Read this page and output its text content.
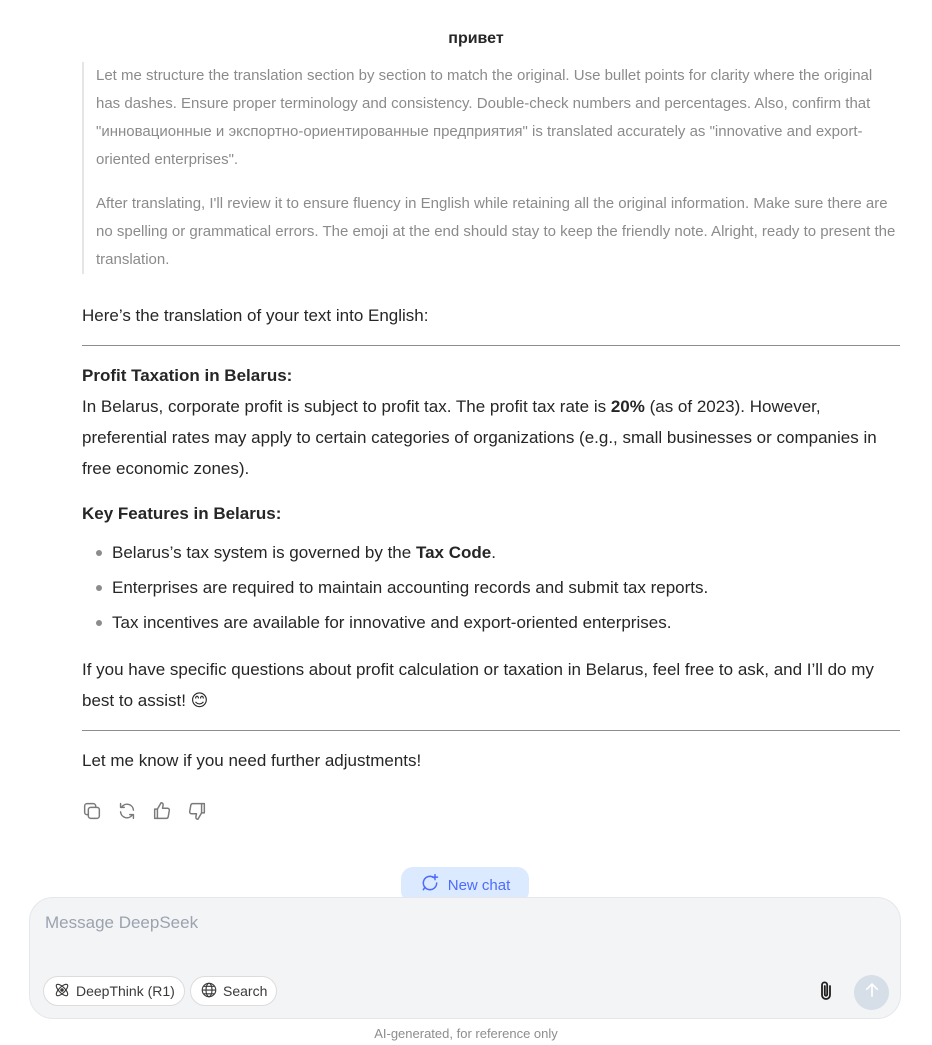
привет

Let me structure the translation section by section to match the original. Use bullet points for clarity where the original has dashes. Ensure proper terminology and consistency. Double-check numbers and percentages. Also, confirm that "инновационные и экспортно-ориентированные предприятия" is translated accurately as "innovative and export-oriented enterprises".

After translating, I'll review it to ensure fluency in English while retaining all the original information. Make sure there are no spelling or grammatical errors. The emoji at the end should stay to keep the friendly note. Alright, ready to present the translation.

Here’s the translation of your text into English:
Profit Taxation in Belarus:
In Belarus, corporate profit is subject to profit tax. The profit tax rate is 20% (as of 2023). However, preferential rates may apply to certain categories of organizations (e.g., small businesses or companies in free economic zones).
Key Features in Belarus:
Belarus’s tax system is governed by the Tax Code.
Enterprises are required to maintain accounting records and submit tax reports.
Tax incentives are available for innovative and export-oriented enterprises.
If you have specific questions about profit calculation or taxation in Belarus, feel free to ask, and I’ll do my best to assist! 😊
Let me know if you need further adjustments!
New chat
Message DeepSeek
DeepThink (R1)	Search
AI-generated, for reference only
